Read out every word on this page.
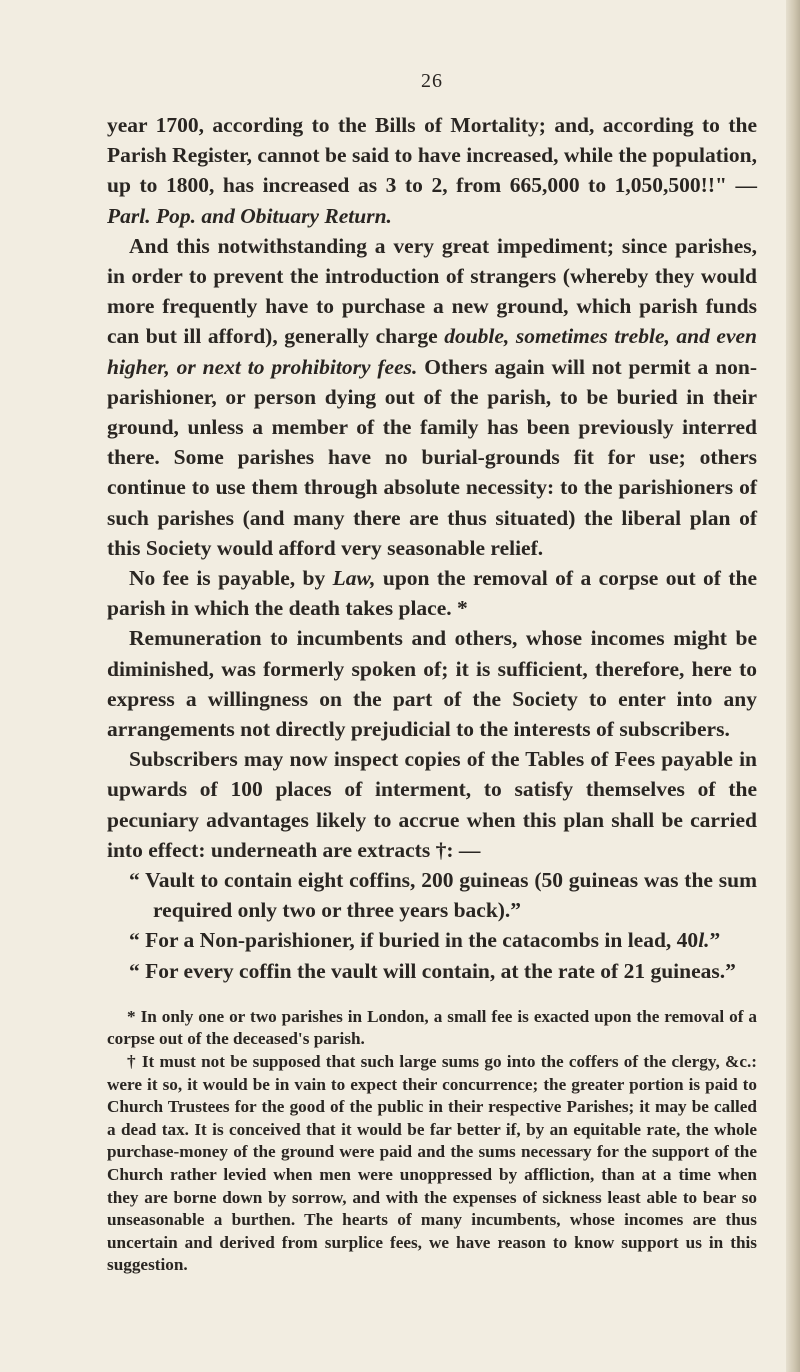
26

year 1700, according to the Bills of Mortality; and, according to the Parish Register, cannot be said to have increased, while the population, up to 1800, has increased as 3 to 2, from 665,000 to 1,050,500!!" — Parl. Pop. and Obituary Return.

And this notwithstanding a very great impediment; since parishes, in order to prevent the introduction of strangers (whereby they would more frequently have to purchase a new ground, which parish funds can but ill afford), generally charge double, sometimes treble, and even higher, or next to prohibitory fees. Others again will not permit a non-parishioner, or person dying out of the parish, to be buried in their ground, unless a member of the family has been previously interred there. Some parishes have no burial-grounds fit for use; others continue to use them through absolute necessity: to the parishioners of such parishes (and many there are thus situated) the liberal plan of this Society would afford very seasonable relief.

No fee is payable, by Law, upon the removal of a corpse out of the parish in which the death takes place. *

Remuneration to incumbents and others, whose incomes might be diminished, was formerly spoken of; it is sufficient, therefore, here to express a willingness on the part of the Society to enter into any arrangements not directly prejudicial to the interests of subscribers.

Subscribers may now inspect copies of the Tables of Fees payable in upwards of 100 places of interment, to satisfy themselves of the pecuniary advantages likely to accrue when this plan shall be carried into effect: underneath are extracts †: —

“ Vault to contain eight coffins, 200 guineas (50 guineas was the sum required only two or three years back).”

“ For a Non-parishioner, if buried in the catacombs in lead, 40l.”

“ For every coffin the vault will contain, at the rate of 21 guineas.”

* In only one or two parishes in London, a small fee is exacted upon the removal of a corpse out of the deceased's parish.

† It must not be supposed that such large sums go into the coffers of the clergy, &c.: were it so, it would be in vain to expect their concurrence; the greater portion is paid to Church Trustees for the good of the public in their respective Parishes; it may be called a dead tax. It is conceived that it would be far better if, by an equitable rate, the whole purchase-money of the ground were paid and the sums necessary for the support of the Church rather levied when men were unoppressed by affliction, than at a time when they are borne down by sorrow, and with the expenses of sickness least able to bear so unseasonable a burthen. The hearts of many incumbents, whose incomes are thus uncertain and derived from surplice fees, we have reason to know support us in this suggestion.
